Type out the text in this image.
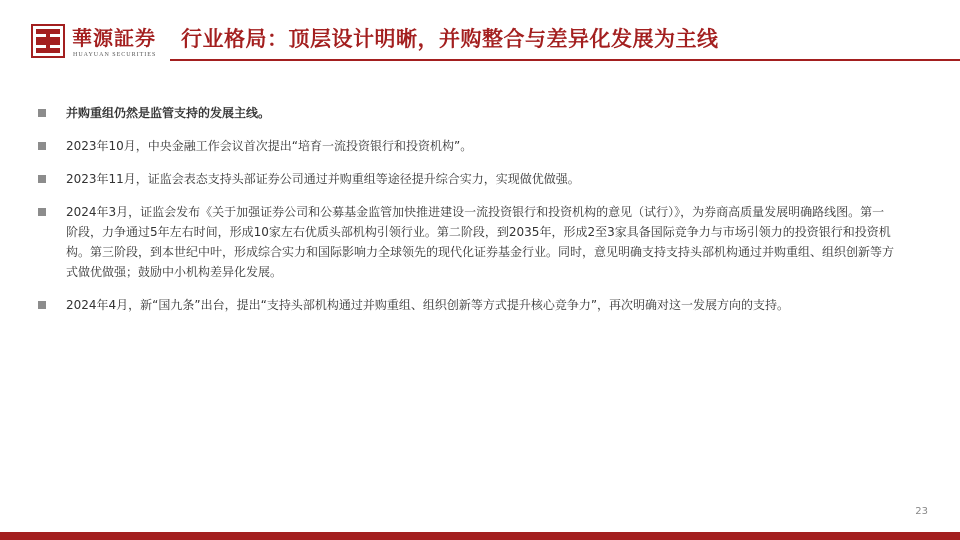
華源証券
HUAYUAN SECURITIES
行业格局：顶层设计明晰，并购整合与差异化发展为主线
并购重组仍然是监管支持的发展主线。
2023年10月，中央金融工作会议首次提出“培育一流投资银行和投资机构”。
2023年11月，证监会表态支持头部证券公司通过并购重组等途径提升综合实力，实现做优做强。
2024年3月，证监会发布《关于加强证券公司和公募基金监管加快推进建设一流投资银行和投资机构的意见（试行）》，为券商高质量发展明确路线图。第一阶段，力争通过5年左右时间，形成10家左右优质头部机构引领行业。第二阶段，到2035年，形成2至3家具备国际竞争力与市场引领力的投资银行和投资机构。第三阶段，到本世纪中叶，形成综合实力和国际影响力全球领先的现代化证券基金行业。同时，意见明确支持支持头部机构通过并购重组、组织创新等方式做优做强；鼓励中小机构差异化发展。
2024年4月，新“国九条”出台，提出“支持头部机构通过并购重组、组织创新等方式提升核心竞争力”，再次明确对这一发展方向的支持。
23
